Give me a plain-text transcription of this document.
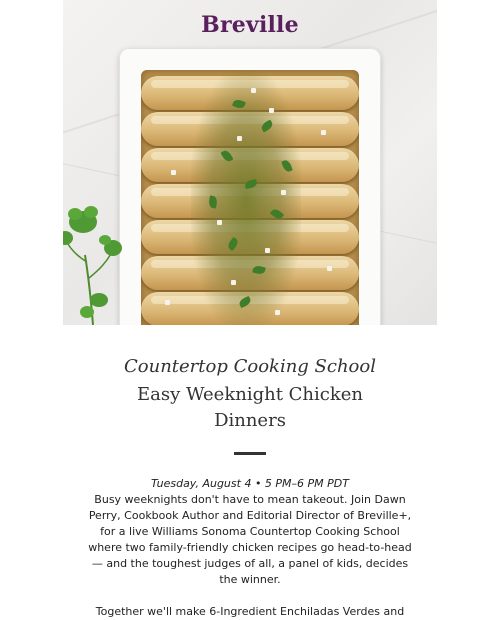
Breville

Countertop Cooking School

Easy Weeknight Chicken
Dinners

Tuesday, August 4 • 5 PM–6 PM PDT

Busy weeknights don't have to mean takeout. Join Dawn Perry, Cookbook Author and Editorial Director of Breville+, for a live Williams Sonoma Countertop Cooking School where two family-friendly chicken recipes go head-to-head — and the toughest judges of all, a panel of kids, decides the winner.

Together we'll make 6-Ingredient Enchiladas Verdes and
